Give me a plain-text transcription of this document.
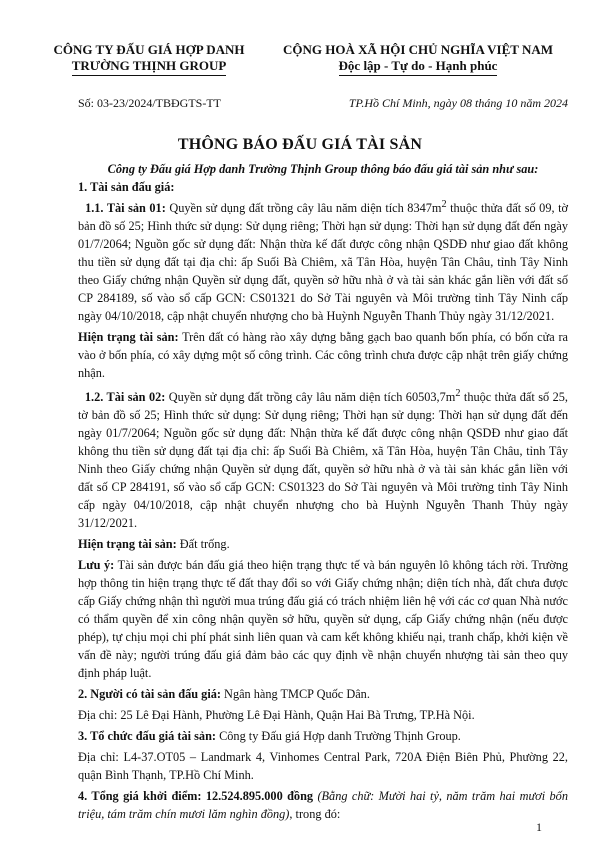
CÔNG TY ĐẤU GIÁ HỢP DANH
TRƯỜNG THỊNH GROUP
CỘNG HOÀ XÃ HỘI CHỦ NGHĨA VIỆT NAM
Độc lập - Tự do - Hạnh phúc
Số: 03-23/2024/TBĐGTS-TT	TP.Hồ Chí Minh, ngày 08 tháng 10 năm 2024
THÔNG BÁO ĐẤU GIÁ TÀI SẢN

Công ty Đấu giá Hợp danh Trường Thịnh Group thông báo đấu giá tài sản như sau:

1. Tài sản đấu giá:

1.1. Tài sản 01: Quyền sử dụng đất trồng cây lâu năm diện tích $8347m^2$ thuộc thửa đất số 09, tờ bản đồ số 25; Hình thức sử dụng: Sử dụng riêng; Thời hạn sử dụng: Thời hạn sử dụng đất đến ngày 01/7/2064; Nguồn gốc sử dụng đất: Nhận thừa kế đất được công nhận QSDĐ như giao đất không thu tiền sử dụng đất tại địa chỉ: ấp Suối Bà Chiêm, xã Tân Hòa, huyện Tân Châu, tỉnh Tây Ninh theo Giấy chứng nhận Quyền sử dụng đất, quyền sở hữu nhà ở và tài sản khác gắn liền với đất số CP 284189, số vào sổ cấp GCN: CS01321 do Sở Tài nguyên và Môi trường tỉnh Tây Ninh cấp ngày 04/10/2018, cập nhật chuyển nhượng cho bà Huỳnh Nguyễn Thanh Thủy ngày 31/12/2021.

Hiện trạng tài sản: Trên đất có hàng rào xây dựng bằng gạch bao quanh bốn phía, có bốn cửa ra vào ở bốn phía, có xây dựng một số công trình. Các công trình chưa được cập nhật trên giấy chứng nhận.

1.2. Tài sản 02: Quyền sử dụng đất trồng cây lâu năm diện tích $60503,7m^2$ thuộc thửa đất số 25, tờ bản đồ số 25; Hình thức sử dụng: Sử dụng riêng; Thời hạn sử dụng: Thời hạn sử dụng đất đến ngày 01/7/2064; Nguồn gốc sử dụng đất: Nhận thừa kế đất được công nhận QSDĐ như giao đất không thu tiền sử dụng đất tại địa chỉ: ấp Suối Bà Chiêm, xã Tân Hòa, huyện Tân Châu, tỉnh Tây Ninh theo Giấy chứng nhận Quyền sử dụng đất, quyền sở hữu nhà ở và tài sản khác gắn liền với đất số CP 284191, số vào sổ cấp GCN: CS01323 do Sở Tài nguyên và Môi trường tỉnh Tây Ninh cấp ngày 04/10/2018, cập nhật chuyển nhượng cho bà Huỳnh Nguyễn Thanh Thủy ngày 31/12/2021.

Hiện trạng tài sản: Đất trống.

Lưu ý: Tài sản được bán đấu giá theo hiện trạng thực tế và bán nguyên lô không tách rời. Trường hợp thông tin hiện trạng thực tế đất thay đổi so với Giấy chứng nhận; diện tích nhà, đất chưa được cấp Giấy chứng nhận thì người mua trúng đấu giá có trách nhiệm liên hệ với các cơ quan Nhà nước có thẩm quyền để xin công nhận quyền sở hữu, quyền sử dụng, cấp Giấy chứng nhận (nếu được phép), tự chịu mọi chi phí phát sinh liên quan và cam kết không khiếu nại, tranh chấp, khởi kiện về vấn đề này; người trúng đấu giá đảm bảo các quy định về nhận chuyển nhượng tài sản theo quy định pháp luật.

2. Người có tài sản đấu giá: Ngân hàng TMCP Quốc Dân.

Địa chỉ: 25 Lê Đại Hành, Phường Lê Đại Hành, Quận Hai Bà Trưng, TP.Hà Nội.

3. Tổ chức đấu giá tài sản: Công ty Đấu giá Hợp danh Trường Thịnh Group.

Địa chỉ: L4-37.OT05 – Landmark 4, Vinhomes Central Park, 720A Điện Biên Phủ, Phường 22, quận Bình Thạnh, TP.Hồ Chí Minh.

4. Tổng giá khởi điểm: 12.524.895.000 đồng (Bằng chữ: Mười hai tỷ, năm trăm hai mươi bốn triệu, tám trăm chín mươi lăm nghìn đồng), trong đó:

1
